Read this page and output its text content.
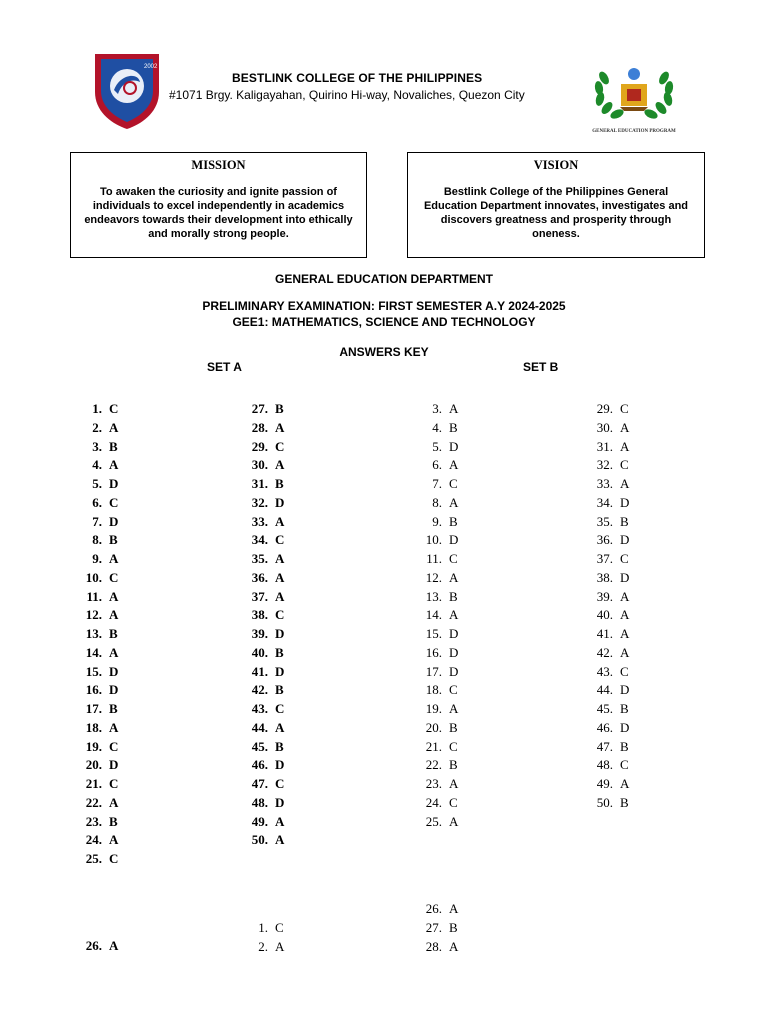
2002
BESTLINK COLLEGE OF THE PHILIPPINES
#1071 Brgy. Kaligayahan, Quirino Hi-way, Novaliches, Quezon City
GENERAL EDUCATION PROGRAM
MISSION
To awaken the curiosity and ignite passion of individuals to excel independently in academics endeavors towards their development into ethically and morally strong people.
VISION
Bestlink College of the Philippines General Education Department innovates, investigates and discovers greatness and prosperity through oneness.
GENERAL EDUCATION DEPARTMENT
PRELIMINARY EXAMINATION: FIRST SEMESTER A.Y 2024-2025
GEE1: MATHEMATICS, SCIENCE AND TECHNOLOGY
ANSWERS KEY
SET A	SET B
1. C
2. A
3. B
4. A
5. D
6. C
7. D
8. B
9. A
10. C
11. A
12. A
13. B
14. A
15. D
16. D
17. B
18. A
19. C
20. D
21. C
22. A
23. B
24. A
25. C
27. B
28. A
29. C
30. A
31. B
32. D
33. A
34. C
35. A
36. A
37. A
38. C
39. D
40. B
41. D
42. B
43. C
44. A
45. B
46. D
47. C
48. D
49. A
50. A
3. A
4. B
5. D
6. A
7. C
8. A
9. B
10. D
11. C
12. A
13. B
14. A
15. D
16. D
17. D
18. C
19. A
20. B
21. C
22. B
23. A
24. C
25. A
29. C
30. A
31. A
32. C
33. A
34. D
35. B
36. D
37. C
38. D
39. A
40. A
41. A
42. A
43. C
44. D
45. B
46. D
47. B
48. C
49. A
50. B
26. A
1. C
2. A
26. A
27. B
28. A
